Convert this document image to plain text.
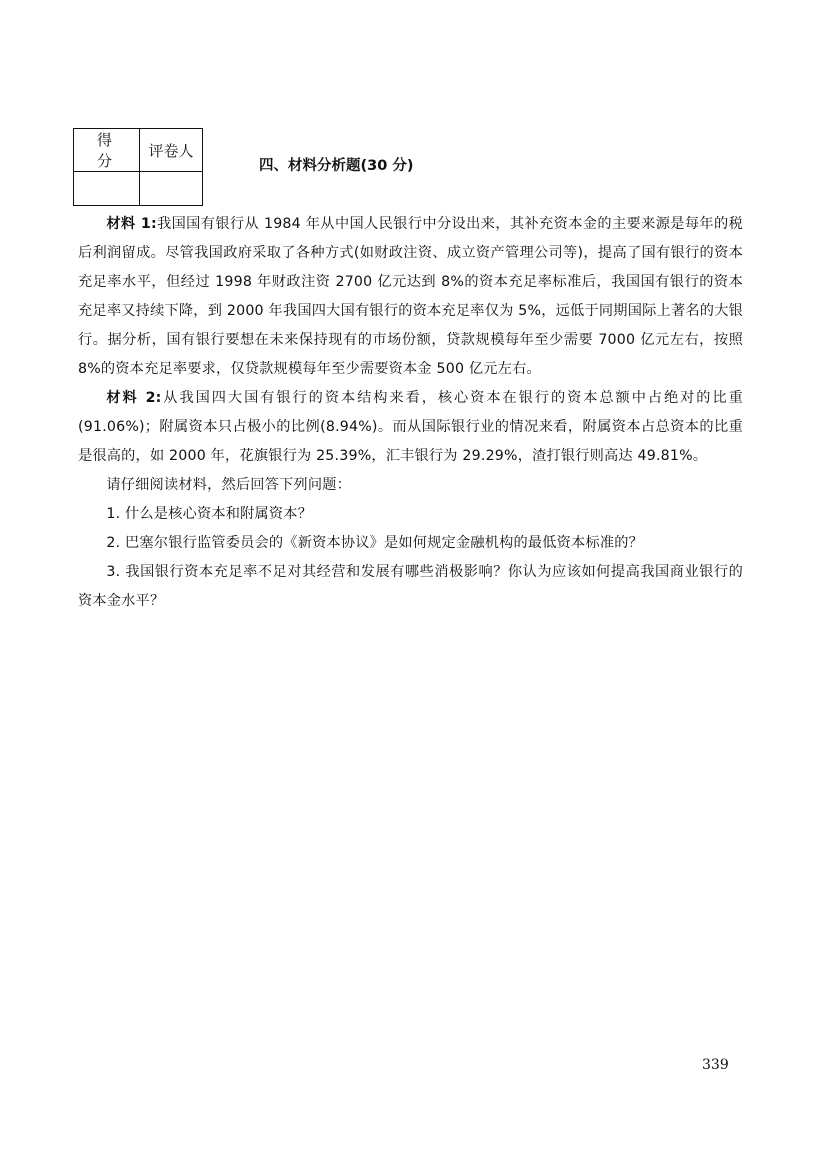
得分	评卷人

四、材料分析题(30 分)

材料 1:我国国有银行从 1984 年从中国人民银行中分设出来，其补充资本金的主要来源是每年的税后利润留成。尽管我国政府采取了各种方式(如财政注资、成立资产管理公司等)，提高了国有银行的资本充足率水平，但经过 1998 年财政注资 2700 亿元达到 8%的资本充足率标准后，我国国有银行的资本充足率又持续下降，到 2000 年我国四大国有银行的资本充足率仅为 5%，远低于同期国际上著名的大银行。据分析，国有银行要想在未来保持现有的市场份额，贷款规模每年至少需要 7000 亿元左右，按照 8%的资本充足率要求，仅贷款规模每年至少需要资本金 500 亿元左右。

材料 2:从我国四大国有银行的资本结构来看，核心资本在银行的资本总额中占绝对的比重(91.06%)；附属资本只占极小的比例(8.94%)。而从国际银行业的情况来看，附属资本占总资本的比重是很高的，如 2000 年，花旗银行为 25.39%，汇丰银行为 29.29%，渣打银行则高达 49.81%。

请仔细阅读材料，然后回答下列问题：

1. 什么是核心资本和附属资本？

2. 巴塞尔银行监管委员会的《新资本协议》是如何规定金融机构的最低资本标准的？

3. 我国银行资本充足率不足对其经营和发展有哪些消极影响？你认为应该如何提高我国商业银行的资本金水平？

339
